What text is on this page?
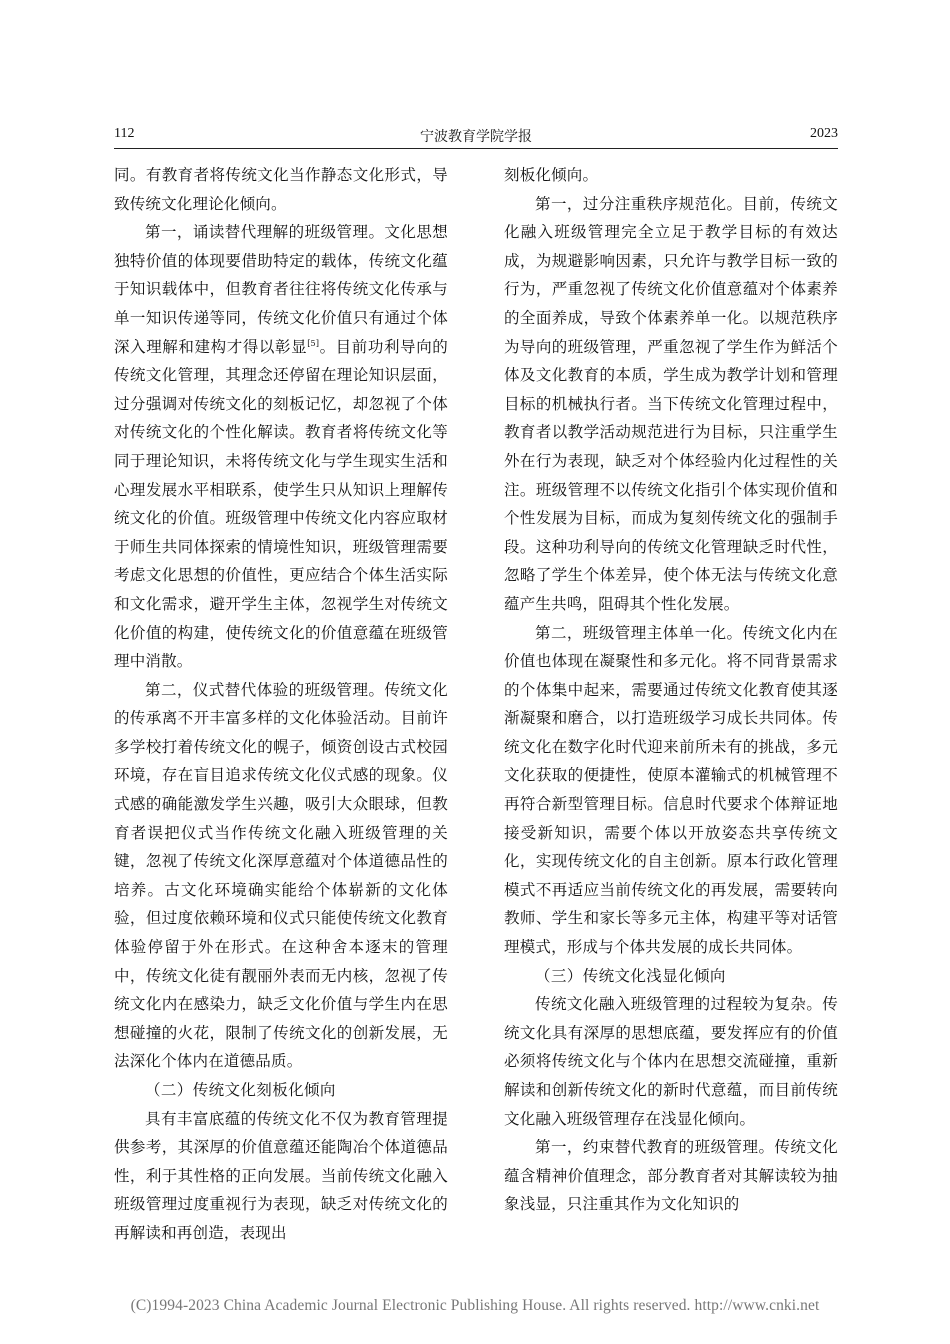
112	宁波教育学院学报	2023

同。有教育者将传统文化当作静态文化形式，导致传统文化理论化倾向。

第一，诵读替代理解的班级管理。文化思想独特价值的体现要借助特定的载体，传统文化蕴于知识载体中，但教育者往往将传统文化传承与单一知识传递等同，传统文化价值只有通过个体深入理解和建构才得以彰显[5]。目前功利导向的传统文化管理，其理念还停留在理论知识层面，过分强调对传统文化的刻板记忆，却忽视了个体对传统文化的个性化解读。教育者将传统文化等同于理论知识，未将传统文化与学生现实生活和心理发展水平相联系，使学生只从知识上理解传统文化的价值。班级管理中传统文化内容应取材于师生共同体探索的情境性知识，班级管理需要考虑文化思想的价值性，更应结合个体生活实际和文化需求，避开学生主体，忽视学生对传统文化价值的构建，使传统文化的价值意蕴在班级管理中消散。

第二，仪式替代体验的班级管理。传统文化的传承离不开丰富多样的文化体验活动。目前许多学校打着传统文化的幌子，倾资创设古式校园环境，存在盲目追求传统文化仪式感的现象。仪式感的确能激发学生兴趣，吸引大众眼球，但教育者误把仪式当作传统文化融入班级管理的关键，忽视了传统文化深厚意蕴对个体道德品性的培养。古文化环境确实能给个体崭新的文化体验，但过度依赖环境和仪式只能使传统文化教育体验停留于外在形式。在这种舍本逐末的管理中，传统文化徒有靓丽外表而无内核，忽视了传统文化内在感染力，缺乏文化价值与学生内在思想碰撞的火花，限制了传统文化的创新发展，无法深化个体内在道德品质。

（二）传统文化刻板化倾向

具有丰富底蕴的传统文化不仅为教育管理提供参考，其深厚的价值意蕴还能陶冶个体道德品性，利于其性格的正向发展。当前传统文化融入班级管理过度重视行为表现，缺乏对传统文化的再解读和再创造，表现出

刻板化倾向。

第一，过分注重秩序规范化。目前，传统文化融入班级管理完全立足于教学目标的有效达成，为规避影响因素，只允许与教学目标一致的行为，严重忽视了传统文化价值意蕴对个体素养的全面养成，导致个体素养单一化。以规范秩序为导向的班级管理，严重忽视了学生作为鲜活个体及文化教育的本质，学生成为教学计划和管理目标的机械执行者。当下传统文化管理过程中，教育者以教学活动规范进行为目标，只注重学生外在行为表现，缺乏对个体经验内化过程性的关注。班级管理不以传统文化指引个体实现价值和个性发展为目标，而成为复刻传统文化的强制手段。这种功利导向的传统文化管理缺乏时代性，忽略了学生个体差异，使个体无法与传统文化意蕴产生共鸣，阻碍其个性化发展。

第二，班级管理主体单一化。传统文化内在价值也体现在凝聚性和多元化。将不同背景需求的个体集中起来，需要通过传统文化教育使其逐渐凝聚和磨合，以打造班级学习成长共同体。传统文化在数字化时代迎来前所未有的挑战，多元文化获取的便捷性，使原本灌输式的机械管理不再符合新型管理目标。信息时代要求个体辩证地接受新知识，需要个体以开放姿态共享传统文化，实现传统文化的自主创新。原本行政化管理模式不再适应当前传统文化的再发展，需要转向教师、学生和家长等多元主体，构建平等对话管理模式，形成与个体共发展的成长共同体。

（三）传统文化浅显化倾向

传统文化融入班级管理的过程较为复杂。传统文化具有深厚的思想底蕴，要发挥应有的价值必须将传统文化与个体内在思想交流碰撞，重新解读和创新传统文化的新时代意蕴，而目前传统文化融入班级管理存在浅显化倾向。

第一，约束替代教育的班级管理。传统文化蕴含精神价值理念，部分教育者对其解读较为抽象浅显，只注重其作为文化知识的

(C)1994-2023 China Academic Journal Electronic Publishing House. All rights reserved. http://www.cnki.net
